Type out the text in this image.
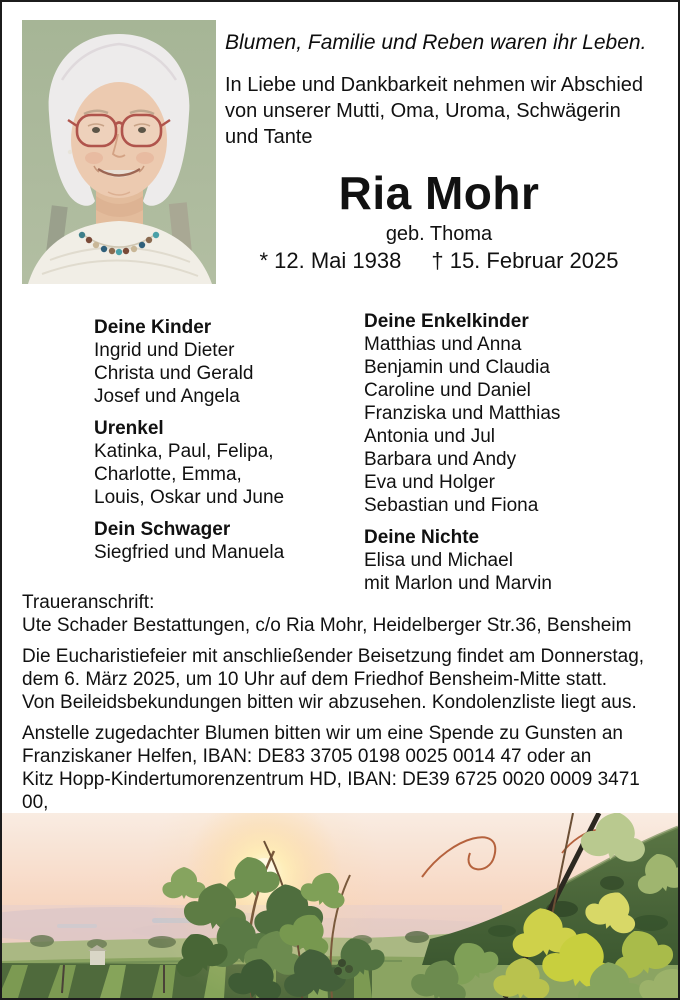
Blumen, Familie und Reben waren ihr Leben.
In Liebe und Dankbarkeit nehmen wir Abschied
von unserer Mutti, Oma, Uroma, Schwägerin
und Tante
Ria Mohr
geb. Thoma
* 12. Mai 1938 † 15. Februar 2025
Deine Kinder
Ingrid und Dieter
Christa und Gerald
Josef und Angela
Urenkel
Katinka, Paul, Felipa,
Charlotte, Emma,
Louis, Oskar und June
Dein Schwager
Siegfried und Manuela
Deine Enkelkinder
Matthias und Anna
Benjamin und Claudia
Caroline und Daniel
Franziska und Matthias
Antonia und Jul
Barbara und Andy
Eva und Holger
Sebastian und Fiona
Deine Nichte
Elisa und Michael
mit Marlon und Marvin
Traueranschrift:
Ute Schader Bestattungen, c/o Ria Mohr, Heidelberger Str.36, Bensheim
Die Eucharistiefeier mit anschließender Beisetzung findet am Donnerstag,
dem 6. März 2025, um 10 Uhr auf dem Friedhof Bensheim-Mitte statt.
Von Beileidsbekundungen bitten wir abzusehen. Kondolenzliste liegt aus.
Anstelle zugedachter Blumen bitten wir um eine Spende zu Gunsten an
Franziskaner Helfen, IBAN: DE83 3705 0198 0025 0014 47 oder an
Kitz Hopp-Kindertumorenzentrum HD, IBAN: DE39 6725 0020 0009 3471 00,
